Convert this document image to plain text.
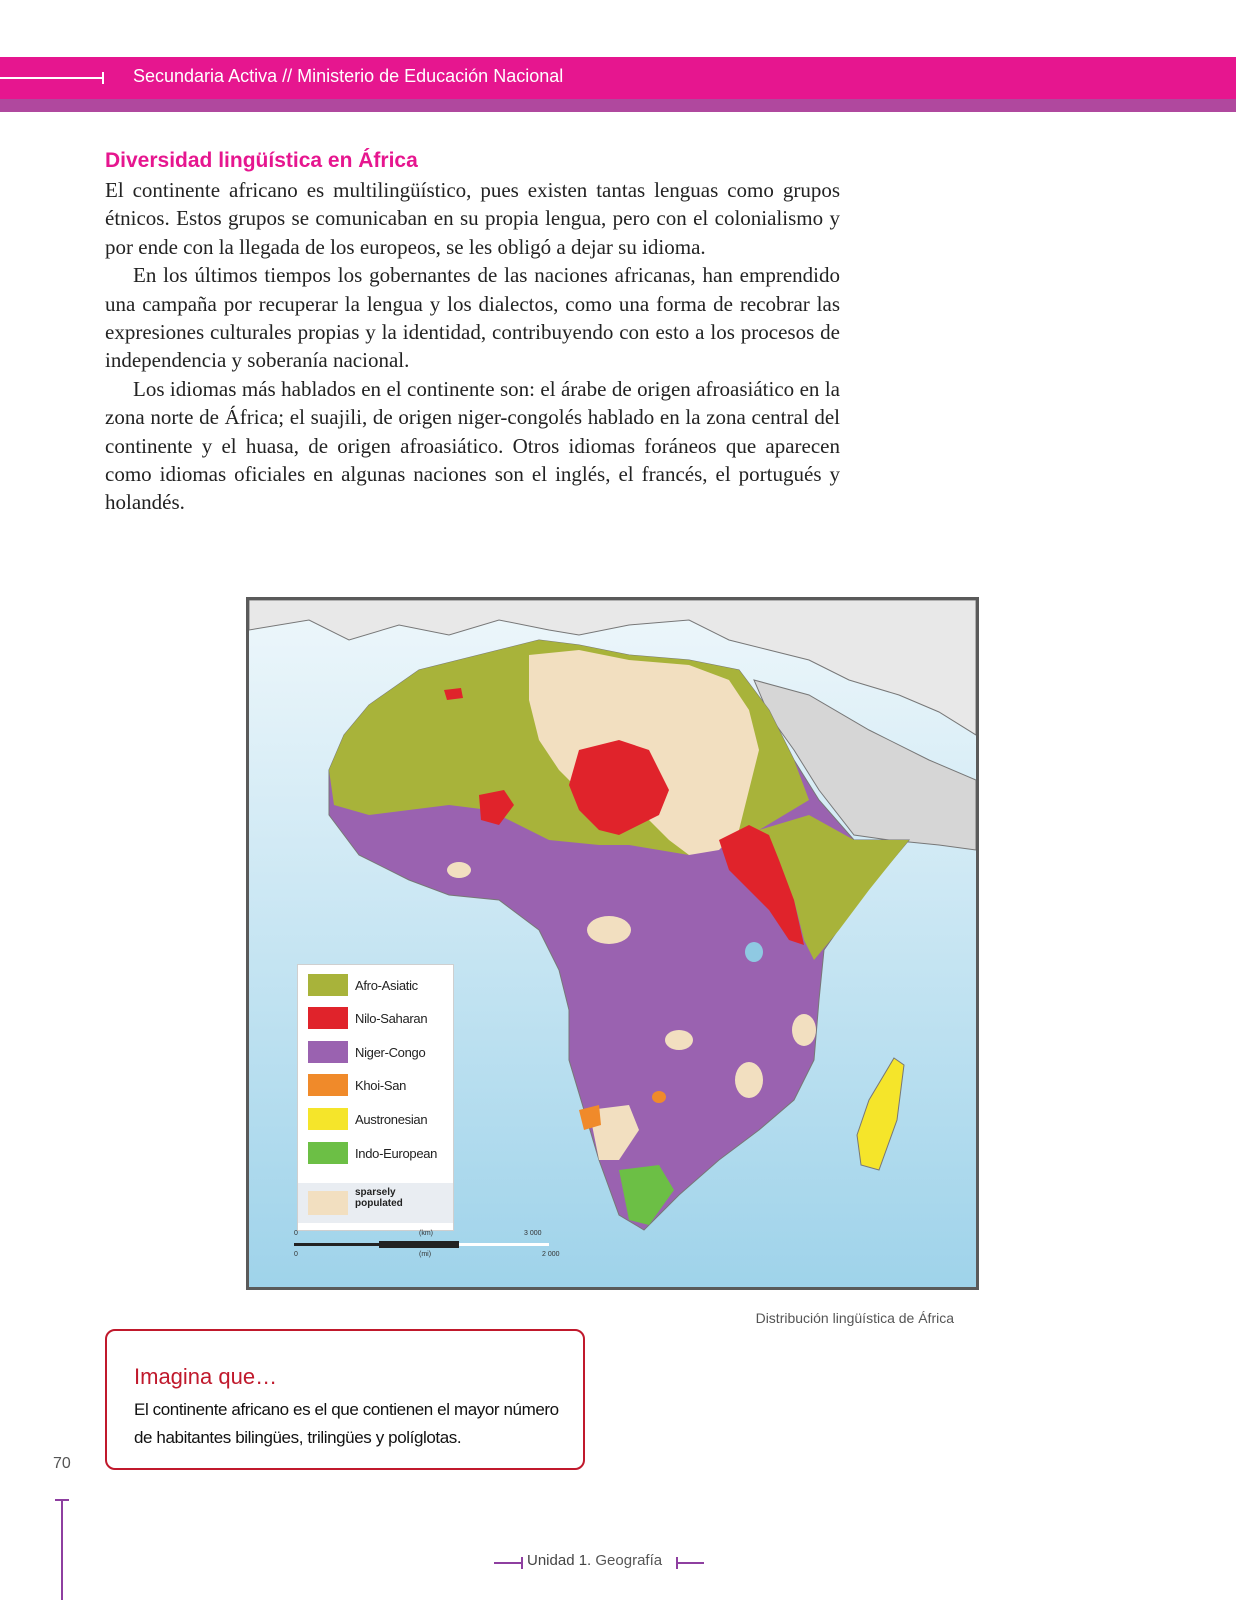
Secundaria Activa // Ministerio de Educación Nacional
Diversidad lingüística en África

El continente africano es multilingüístico, pues existen tantas lenguas como grupos étnicos. Estos grupos se comunicaban en su propia lengua, pero con el colonialismo y por ende con la llegada de los europeos, se les obligó a dejar su idioma.

En los últimos tiempos los gobernantes de las naciones africanas, han emprendido una campaña por recuperar la lengua y los dialectos, como una forma de recobrar las expresiones culturales propias y la identidad, contribuyendo con esto a los procesos de independencia y soberanía nacional.

Los idiomas más hablados en el continente son: el árabe de origen afroasiático en la zona norte de África; el suajili, de origen niger-congolés hablado en la zona central del continente y el huasa, de origen afroasiático. Otros idiomas foráneos que aparecen como idiomas oficiales en algunas naciones son el inglés, el francés, el portugués y holandés.

Afro-Asiatic
Nilo-Saharan
Niger-Congo
Khoi-San
Austronesian
Indo-European
sparsely populated
0
0
(km)
(mi)
3 000
2 000
Distribución lingüística de África
Imagina que…
El continente africano es el que contienen el mayor número de habitantes bilingües, trilingües y políglotas.
70
Unidad 1. Geografía
